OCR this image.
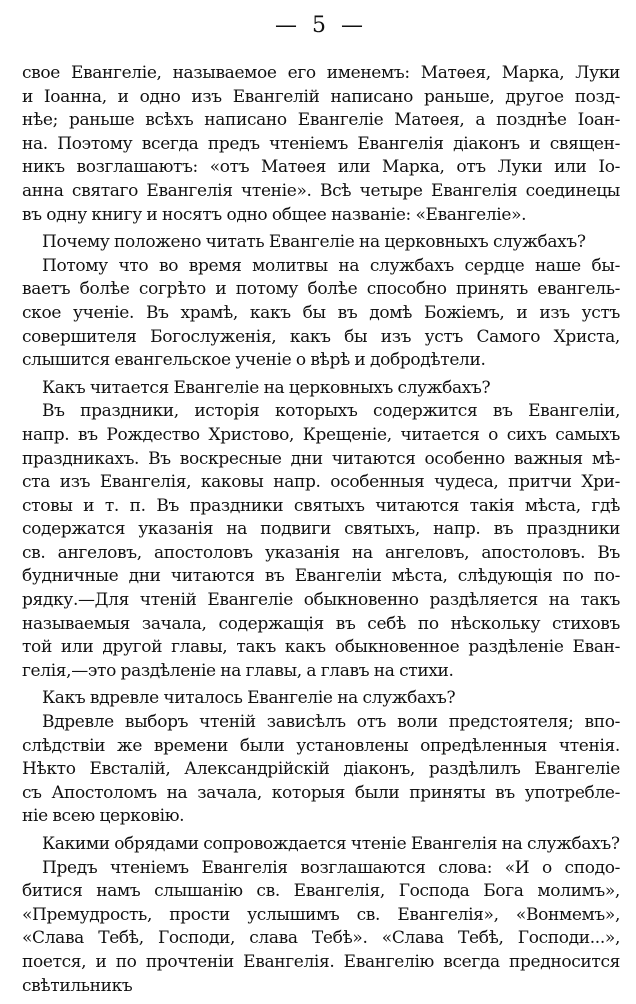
— 5 —
свое Евангеліе, называемое его именемъ: Матѳея, Марка, Луки
и Іоанна, и одно изъ Евангелій написано раньше, другое позд-
нѣе; раньше всѣхъ написано Евангеліе Матѳея, а позднѣе Іоан-
на. Поэтому всегда предъ чтеніемъ Евангелія діаконъ и священ-
никъ возглашаютъ: «отъ Матѳея или Марка, отъ Луки или Іо-
анна святаго Евангелія чтеніе». Всѣ четыре Евангелія соединецы
въ одну книгу и носятъ одно общее названіе: «Евангеліе».
Почему положено читать Евангеліе на церковныхъ службахъ?
Потому что во время молитвы на службахъ сердце наше бы-
ваетъ болѣе согрѣто и потому болѣе способно принять евангель-
ское ученіе. Въ храмѣ, какъ бы въ домѣ Божіемъ, и изъ устъ
совершителя Богослуженія, какъ бы изъ устъ Самого Христа,
слышится евангельское ученіе о вѣрѣ и добродѣтели.
Какъ читается Евангеліе на церковныхъ службахъ?
Въ праздники, исторія которыхъ содержится въ Евангеліи,
напр. въ Рождество Христово, Крещеніе, читается о сихъ самыхъ
праздникахъ. Въ воскресные дни читаются особенно важныя мѣ-
ста изъ Евангелія, каковы напр. особенныя чудеса, притчи Хри-
стовы и т. п. Въ праздники святыхъ читаются такія мѣста, гдѣ
содержатся указанія на подвиги святыхъ, напр. въ праздники
св. ангеловъ, апостоловъ указанія на ангеловъ, апостоловъ. Въ
будничные дни читаются въ Евангеліи мѣста, слѣдующія по по-
рядку.—Для чтеній Евангеліе обыкновенно раздѣляется на такъ
называемыя зачала, содержащія въ себѣ по нѣскольку стиховъ
той или другой главы, такъ какъ обыкновенное раздѣленіе Еван-
гелія,—это раздѣленіе на главы, а главъ на стихи.
Какъ вдревле читалось Евангеліе на службахъ?
Вдревле выборъ чтеній зависѣлъ отъ воли предстоятеля; впо-
слѣдствіи же времени были установлены опредѣленныя чтенія.
Нѣкто Евсталій, Александрійскій діаконъ, раздѣлилъ Евангеліе
съ Апостоломъ на зачала, которыя были приняты въ употребле-
ніе всею церковію.
Какими обрядами сопровождается чтеніе Евангелія на службахъ?
Предъ чтеніемъ Евангелія возглашаются слова: «И о сподо-
битися намъ слышанію св. Евангелія, Господа Бога молимъ»,
«Премудрость, прости услышимъ св. Евангелія», «Вонмемъ»,
«Слава Тебѣ, Господи, слава Тебѣ». «Слава Тебѣ, Господи...»,
поется, и по прочтеніи Евангелія. Евангелію всегда предносится
свѣтильникъ
